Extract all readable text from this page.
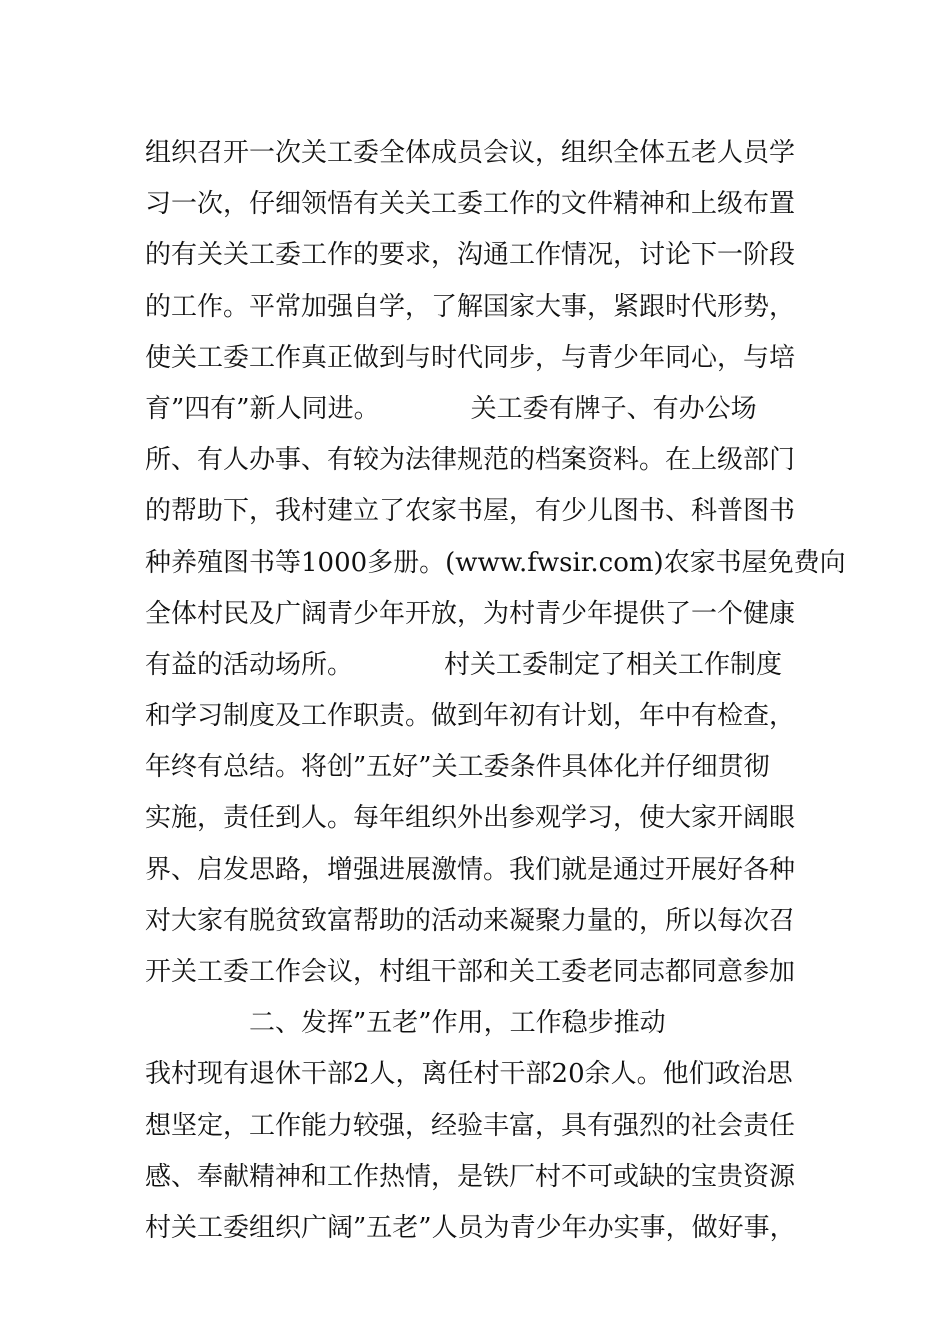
组织召开一次关工委全体成员会议，组织全体五老人员学
习一次，仔细领悟有关关工委工作的文件精神和上级布置
的有关关工委工作的要求，沟通工作情况，讨论下一阶段
的工作。平常加强自学，了解国家大事，紧跟时代形势，
使关工委工作真正做到与时代同步，与青少年同心，与培
育”四有”新人同进。　　　　关工委有牌子、有办公场
所、有人办事、有较为法律规范的档案资料。在上级部门
的帮助下，我村建立了农家书屋，有少儿图书、科普图书
种养殖图书等1000多册。(www.fwsir.com)农家书屋免费向
全体村民及广阔青少年开放，为村青少年提供了一个健康
有益的活动场所。　　　　村关工委制定了相关工作制度
和学习制度及工作职责。做到年初有计划，年中有检查，
年终有总结。将创”五好”关工委条件具体化并仔细贯彻
实施，责任到人。每年组织外出参观学习，使大家开阔眼
界、启发思路，增强进展激情。我们就是通过开展好各种
对大家有脱贫致富帮助的活动来凝聚力量的，所以每次召
开关工委工作会议，村组干部和关工委老同志都同意参加
　　　　二、发挥”五老”作用，工作稳步推动
我村现有退休干部2人，离任村干部20余人。他们政治思
想坚定，工作能力较强，经验丰富，具有强烈的社会责任
感、奉献精神和工作热情，是铁厂村不可或缺的宝贵资源
村关工委组织广阔”五老”人员为青少年办实事，做好事，
